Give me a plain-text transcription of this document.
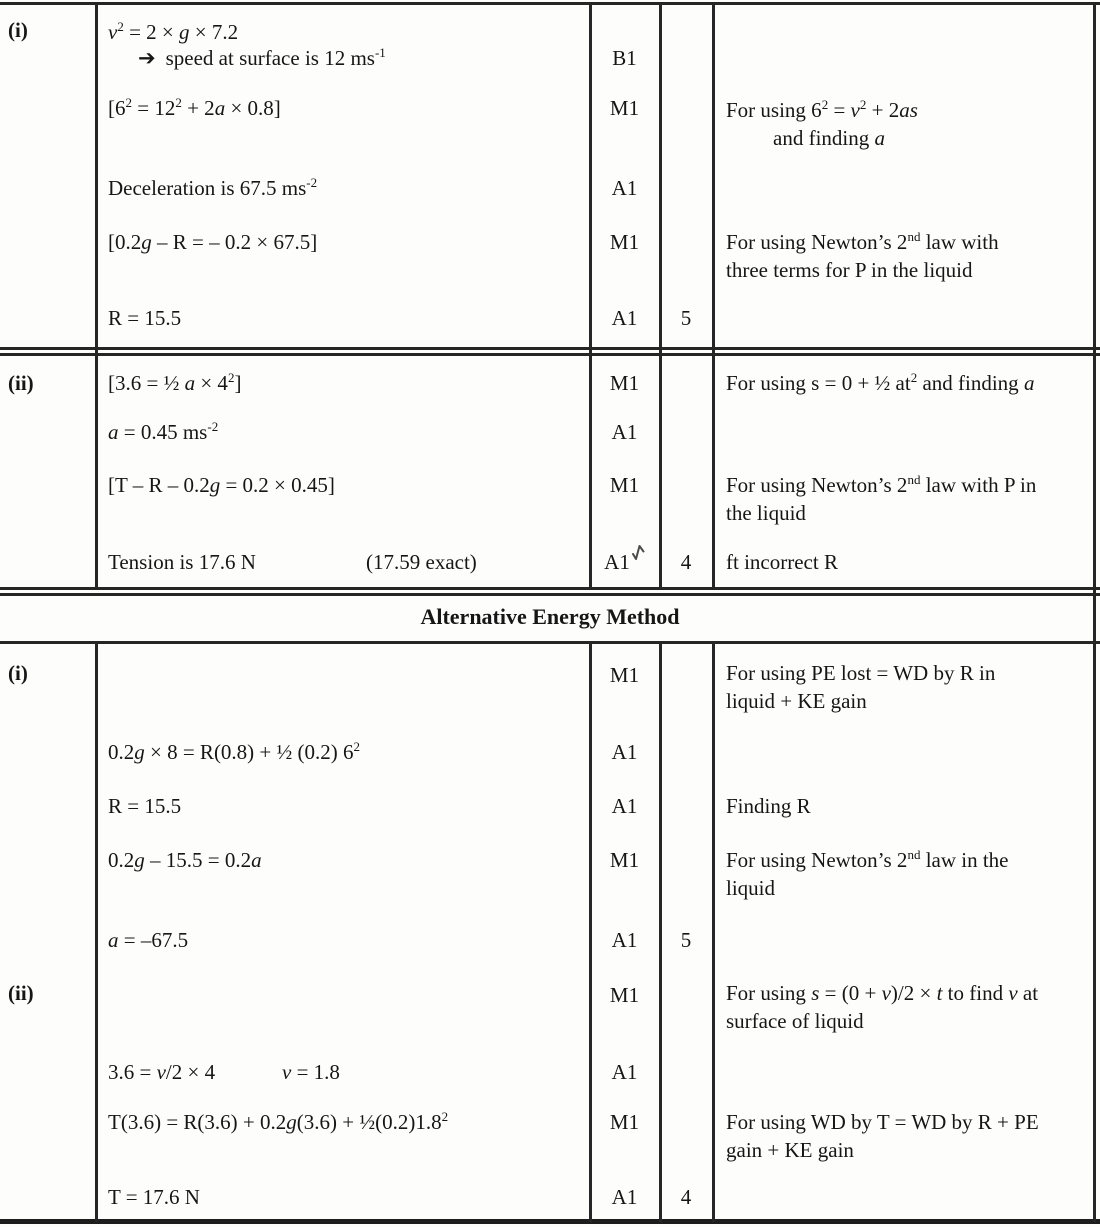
(i)	$v^2 = 2 \times g \times 7.2$
➔ speed at surface is 12 $ms^{-1}$	B1
$[6^2 = 12^2 + 2a \times 0.8]$	M1	For using $6^2 = v^2 + 2as$
and finding a
Deceleration is 67.5 $ms^{-2}$	A1
[0.2g – R = – 0.2 × 67.5]	M1	For using Newton’s 2nd law with
three terms for P in the liquid
R = 15.5	A1	5
(ii)	[3.6 = ½ $a \times 4^2$]	M1	For using s = 0 + ½ $at^2$ and finding a
a = 0.45 $ms^{-2}$	A1
[T – R – 0.2g = 0.2 × 0.45]	M1	For using Newton’s 2nd law with P in
the liquid
Tension is 17.6 N	(17.59 exact)	A1	4	ft incorrect R
Alternative Energy Method
(i)	M1	For using PE lost = WD by R in
liquid + KE gain
0.2g × 8 = R(0.8) + ½ (0.2) $6^2$	A1
R = 15.5	A1	Finding R
0.2g – 15.5 = 0.2a	M1	For using Newton’s 2nd law in the
liquid
a = –67.5	A1	5
(ii)	M1	For using s = (0 + v)/2 × t to find v at
surface of liquid
3.6 = v/2 × 4	v = 1.8	A1
$T(3.6) = R(3.6) + 0.2g(3.6) + \frac{1}{2}(0.2)1.8^2$	M1	For using WD by T = WD by R + PE
gain + KE gain
T = 17.6 N	A1	4
